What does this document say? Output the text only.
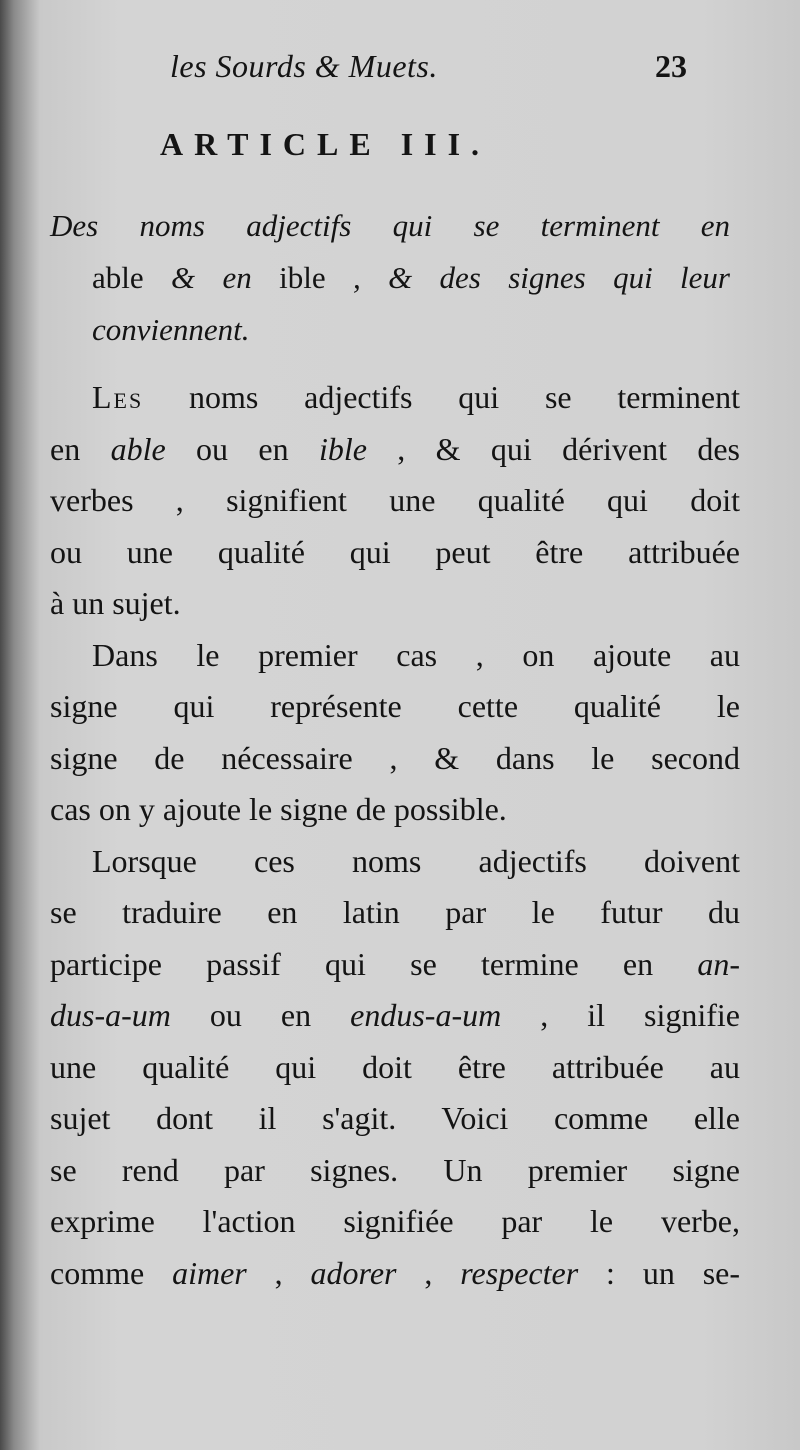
les Sourds & Muets.	23
ARTICLE III.
Des noms adjectifs qui se terminent en
able & en ible , & des signes qui leur
conviennent.
Les noms adjectifs qui se terminent
en able ou en ible , & qui dérivent des
verbes , signifient une qualité qui doit
ou une qualité qui peut être attribuée
à un sujet.
Dans le premier cas , on ajoute au
signe qui représente cette qualité le
signe de nécessaire , & dans le second
cas on y ajoute le signe de possible.
Lorsque ces noms adjectifs doivent
se traduire en latin par le futur du
participe passif qui se termine en an-
dus-a-um ou en endus-a-um , il signifie
une qualité qui doit être attribuée au
sujet dont il s'agit. Voici comme elle
se rend par signes. Un premier signe
exprime l'action signifiée par le verbe,
comme aimer , adorer , respecter : un se-
